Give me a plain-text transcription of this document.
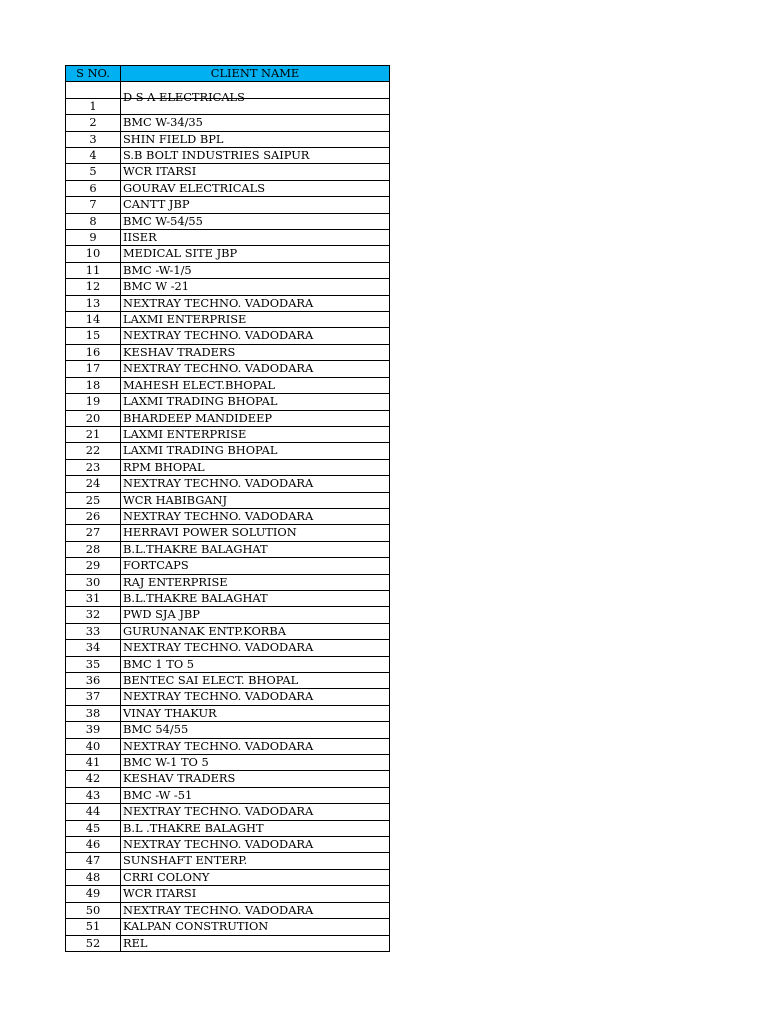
S NO.	CLIENT NAME

1	D S A ELECTRICALS

2	BMC W-34/35
3	SHIN FIELD BPL
4	S.B BOLT INDUSTRIES SAIPUR
5	WCR ITARSI
6	GOURAV ELECTRICALS
7	CANTT JBP
8	BMC W-54/55
9	IISER
10	MEDICAL SITE JBP
11	BMC -W-1/5
12	BMC W -21
13	NEXTRAY TECHNO. VADODARA
14	LAXMI ENTERPRISE
15	NEXTRAY TECHNO. VADODARA
16	KESHAV TRADERS
17	NEXTRAY TECHNO. VADODARA
18	MAHESH ELECT.BHOPAL
19	LAXMI TRADING BHOPAL
20	BHARDEEP MANDIDEEP
21	LAXMI ENTERPRISE
22	LAXMI TRADING BHOPAL
23	RPM BHOPAL
24	NEXTRAY TECHNO. VADODARA
25	WCR HABIBGANJ
26	NEXTRAY TECHNO. VADODARA
27	HERRAVI POWER SOLUTION
28	B.L.THAKRE BALAGHAT
29	FORTCAPS
30	RAJ ENTERPRISE
31	B.L.THAKRE BALAGHAT
32	PWD SJA JBP
33	GURUNANAK ENTP.KORBA
34	NEXTRAY TECHNO. VADODARA
35	BMC 1 TO 5
36	BENTEC SAI ELECT. BHOPAL
37	NEXTRAY TECHNO. VADODARA
38	VINAY THAKUR
39	BMC 54/55
40	NEXTRAY TECHNO. VADODARA
41	BMC W-1 TO 5
42	KESHAV TRADERS
43	BMC -W -51
44	NEXTRAY TECHNO. VADODARA
45	B.L .THAKRE BALAGHT
46	NEXTRAY TECHNO. VADODARA
47	SUNSHAFT ENTERP.
48	CRRI COLONY
49	WCR ITARSI
50	NEXTRAY TECHNO. VADODARA
51	KALPAN CONSTRUTION
52	REL
